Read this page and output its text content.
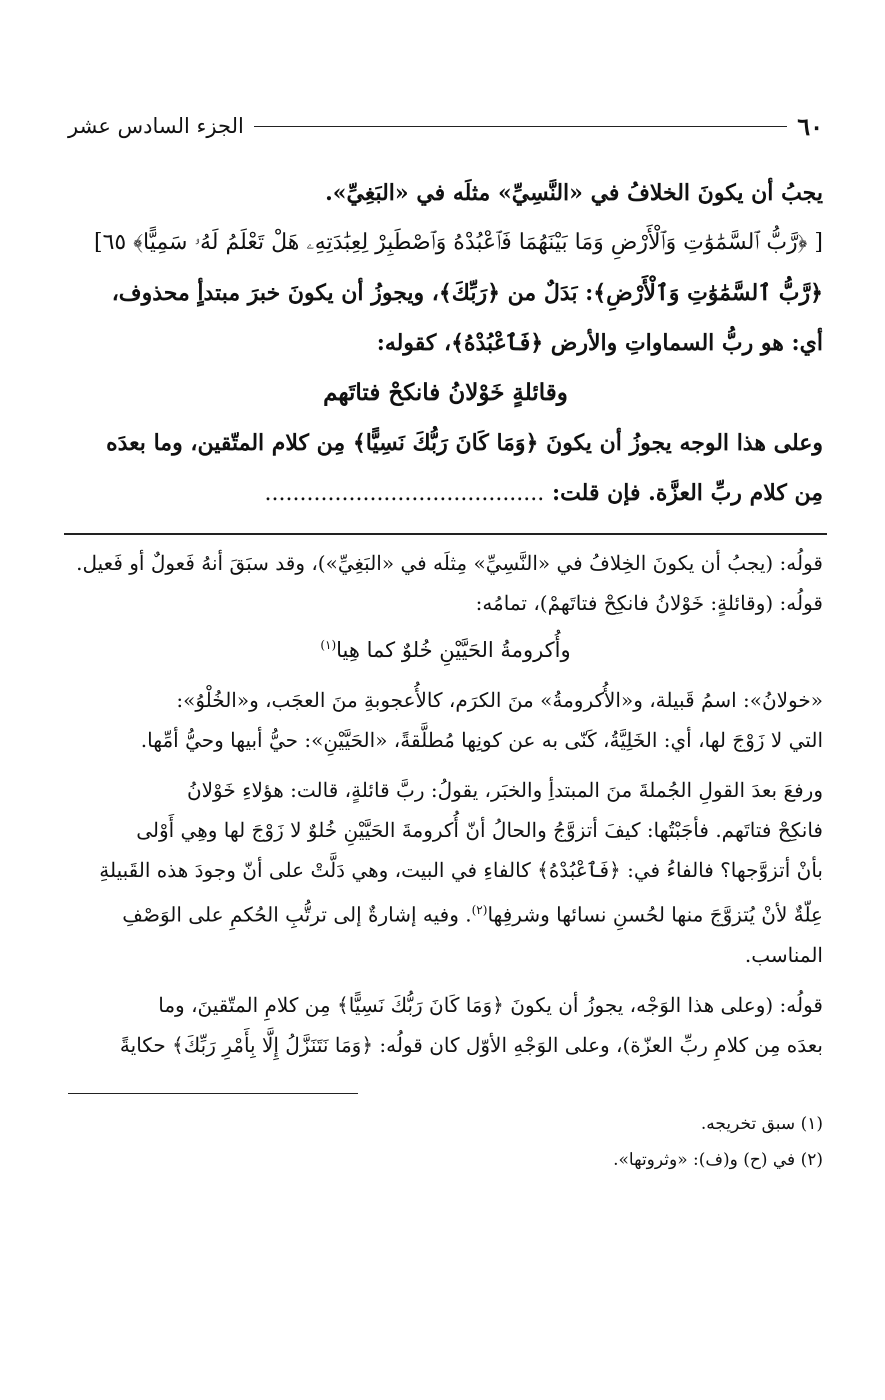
٦٠
الجزء السادس عشر

يجبُ أن يكونَ الخلافُ في «النَّسِيِّ» مثلَه في «البَغِيِّ».

[ ﴿رَّبُّ ٱلسَّمَٰوَٰتِ وَٱلْأَرْضِ وَمَا بَيْنَهُمَا فَٱعْبُدْهُ وَٱصْطَبِرْ لِعِبَٰدَتِهِۦ هَلْ تَعْلَمُ لَهُۥ سَمِيًّا﴾ ٦٥]

﴿رَّبُّ ٱلسَّمَٰوَٰتِ وَٱلْأَرْضِ﴾: بَدَلٌ من ﴿رَبِّكَ﴾، ويجوزُ أن يكونَ خبرَ مبتدأٍ محذوف،

أي: هو ربُّ السماواتِ والأرض ﴿فَٱعْبُدْهُ﴾، كقوله:

وقائلةٍ خَوْلانُ فانكحْ فتاتَهم

وعلى هذا الوجه يجوزُ أن يكونَ ﴿وَمَا كَانَ رَبُّكَ نَسِيًّا﴾ مِن كلام المتّقين، وما بعدَه

مِن كلام ربِّ العزَّة. فإن قلت: ........................................

قولُه: (يجبُ أن يكونَ الخِلافُ في «النَّسِيِّ» مِثلَه في «البَغِيِّ»)، وقد سبَقَ أنهُ فَعولٌ أو فَعيل.

قولُه: (وقائلةٍ: خَوْلانُ فانكِحْ فتاتَهمْ)، تمامُه:

وأُكرومةُ الحَيَّيْنِ خُلوٌ كما هِيا$^{(١)}$

«خولانُ»: اسمُ قَبيلة، و«الأُكرومةُ» منَ الكرَم، كالأُعجوبةِ منَ العجَب، و«الخُلْوُ»:

التي لا زَوْجَ لها، أي: الخَلِيَّةُ، كَنّى به عن كونِها مُطلَّقةً، «الحَيَّيْنِ»: حيُّ أبيها وحيُّ أمِّها.

ورفعَ بعدَ القولِ الجُملةَ منَ المبتدأِ والخبَر، يقولُ: ربَّ قائلةٍ، قالت: هؤلاءِ خَوْلانُ

فانكِحْ فتاتَهم. فأجَبْتُها: كيفَ أتزوَّجُ والحالُ أنّ أُكرومةَ الحَيَّيْنِ خُلوٌ لا زَوْجَ لها وهِي أَوْلى

بأنْ أتزوَّجها؟ فالفاءُ في: ﴿فَٱعْبُدْهُ﴾ كالفاءِ في البيت، وهي دَلَّتْ على أنّ وجودَ هذه القَبيلةِ

عِلّةٌ لأنْ يُتزوَّجَ منها لحُسنِ نسائها وشرفِها$^{(٢)}$. وفيه إشارةٌ إلى ترتُّبِ الحُكمِ على الوَصْفِ

المناسب.

قولُه: (وعلى هذا الوَجْه، يجوزُ أن يكونَ ﴿وَمَا كَانَ رَبُّكَ نَسِيًّا﴾ مِن كلامِ المتّقينَ، وما

بعدَه مِن كلامِ ربِّ العزّة)، وعلى الوَجْهِ الأوّل كان قولُه: ﴿وَمَا نَتَنَزَّلُ إِلَّا بِأَمْرِ رَبِّكَ﴾ حكايةً

(١) سبق تخريجه.

(٢) في (ح) و(ف): «وثروتها».
